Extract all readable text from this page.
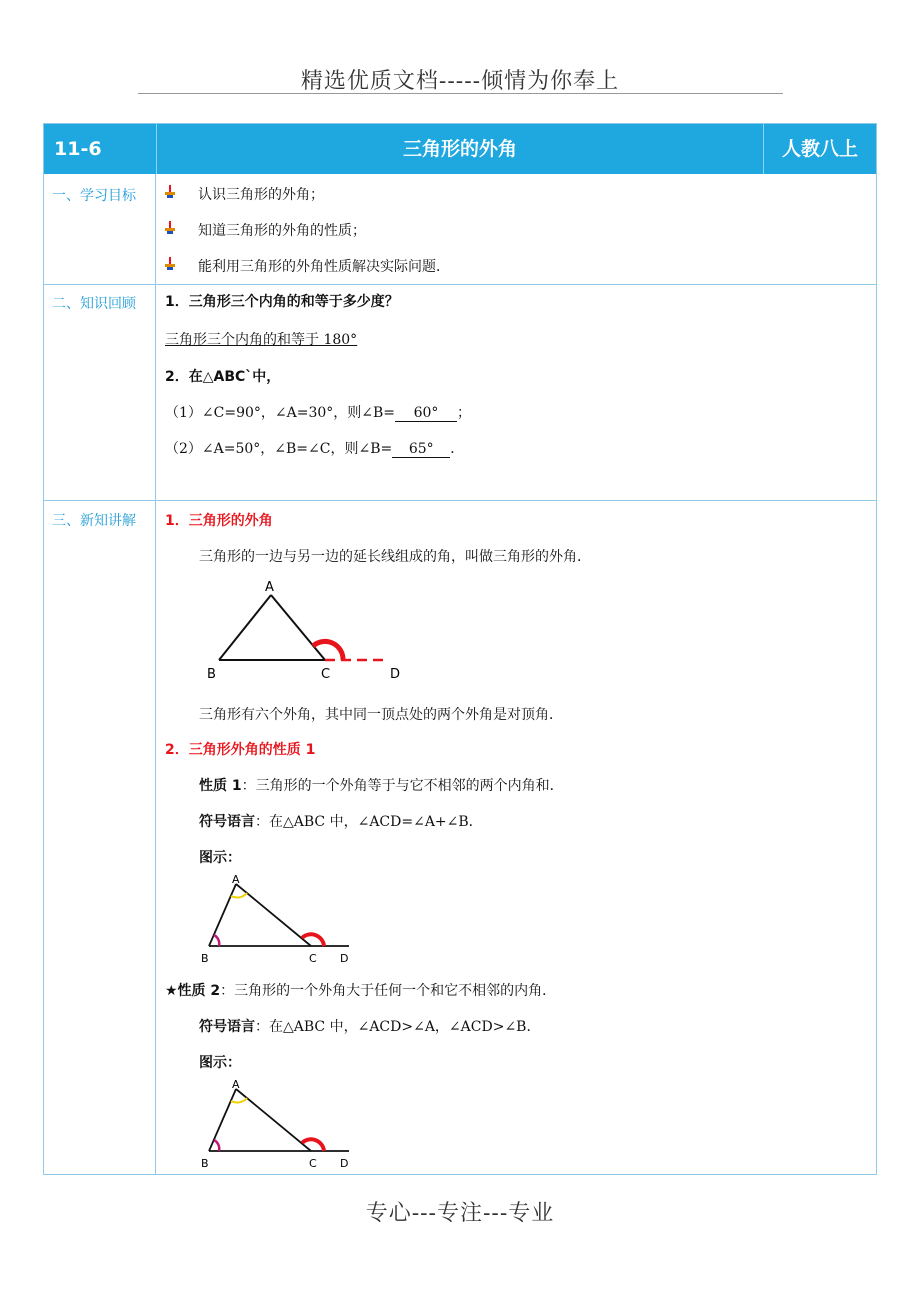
精选优质文档-----倾情为你奉上
11-6	三角形的外角	人教八上
一、学习目标	认识三角形的外角；
知道三角形的外角的性质；
能利用三角形的外角性质解决实际问题．
二、知识回顾	1．三角形三个内角的和等于多少度？
三角形三个内角的和等于 180°
2．在△ABC`中，
（1）∠C=90°，∠A=30°，则∠B= 60° ；
（2）∠A=50°，∠B=∠C，则∠B= 65° ．
三、新知讲解	1．三角形的外角
三角形的一边与另一边的延长线组成的角，叫做三角形的外角．
A
B	C	D
三角形有六个外角，其中同一顶点处的两个外角是对顶角．
2．三角形外角的性质 1
性质 1：三角形的一个外角等于与它不相邻的两个内角和．
符号语言：在△ABC 中，∠ACD=∠A+∠B．
图示：
A
B	C D
★性质 2：三角形的一个外角大于任何一个和它不相邻的内角．
符号语言：在△ABC 中，∠ACD>∠A，∠ACD>∠B．
图示：
A
B	C D
专心---专注---专业
